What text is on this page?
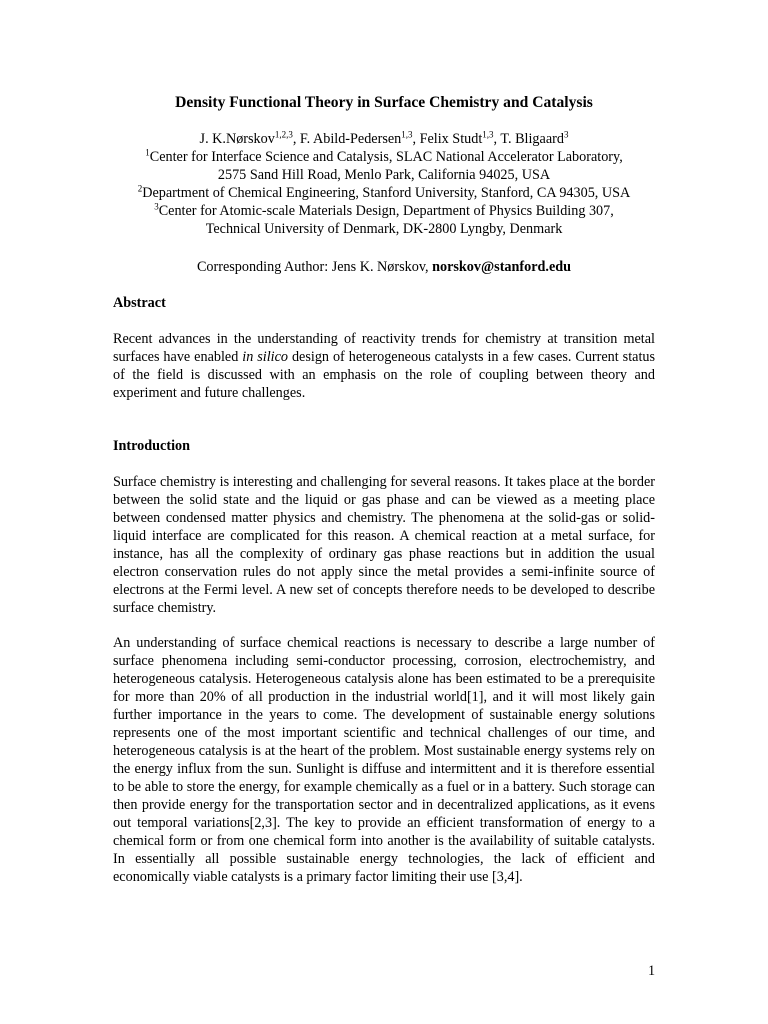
Density Functional Theory in Surface Chemistry and Catalysis
J. K.Nørskov$^{1,2,3}$, F. Abild-Pedersen$^{1,3}$, Felix Studt$^{1,3}$, T. Bligaard$^3$
$^1$Center for Interface Science and Catalysis, SLAC National Accelerator Laboratory,
2575 Sand Hill Road, Menlo Park, California 94025, USA
$^2$Department of Chemical Engineering, Stanford University, Stanford, CA 94305, USA
$^3$Center for Atomic-scale Materials Design, Department of Physics Building 307,
Technical University of Denmark, DK-2800 Lyngby, Denmark
Corresponding Author: Jens K. Nørskov, norskov@stanford.edu
Abstract

Recent advances in the understanding of reactivity trends for chemistry at transition metal surfaces have enabled in silico design of heterogeneous catalysts in a few cases. Current status of the field is discussed with an emphasis on the role of coupling between theory and experiment and future challenges.

Introduction

Surface chemistry is interesting and challenging for several reasons. It takes place at the border between the solid state and the liquid or gas phase and can be viewed as a meeting place between condensed matter physics and chemistry. The phenomena at the solid-gas or solid-liquid interface are complicated for this reason. A chemical reaction at a metal surface, for instance, has all the complexity of ordinary gas phase reactions but in addition the usual electron conservation rules do not apply since the metal provides a semi-infinite source of electrons at the Fermi level. A new set of concepts therefore needs to be developed to describe surface chemistry.

An understanding of surface chemical reactions is necessary to describe a large number of surface phenomena including semi-conductor processing, corrosion, electrochemistry, and heterogeneous catalysis. Heterogeneous catalysis alone has been estimated to be a prerequisite for more than 20% of all production in the industrial world[1], and it will most likely gain further importance in the years to come. The development of sustainable energy solutions represents one of the most important scientific and technical challenges of our time, and heterogeneous catalysis is at the heart of the problem. Most sustainable energy systems rely on the energy influx from the sun. Sunlight is diffuse and intermittent and it is therefore essential to be able to store the energy, for example chemically as a fuel or in a battery. Such storage can then provide energy for the transportation sector and in decentralized applications, as it evens out temporal variations[2,3]. The key to provide an efficient transformation of energy to a chemical form or from one chemical form into another is the availability of suitable catalysts. In essentially all possible sustainable energy technologies, the lack of efficient and economically viable catalysts is a primary factor limiting their use [3,4].

1
